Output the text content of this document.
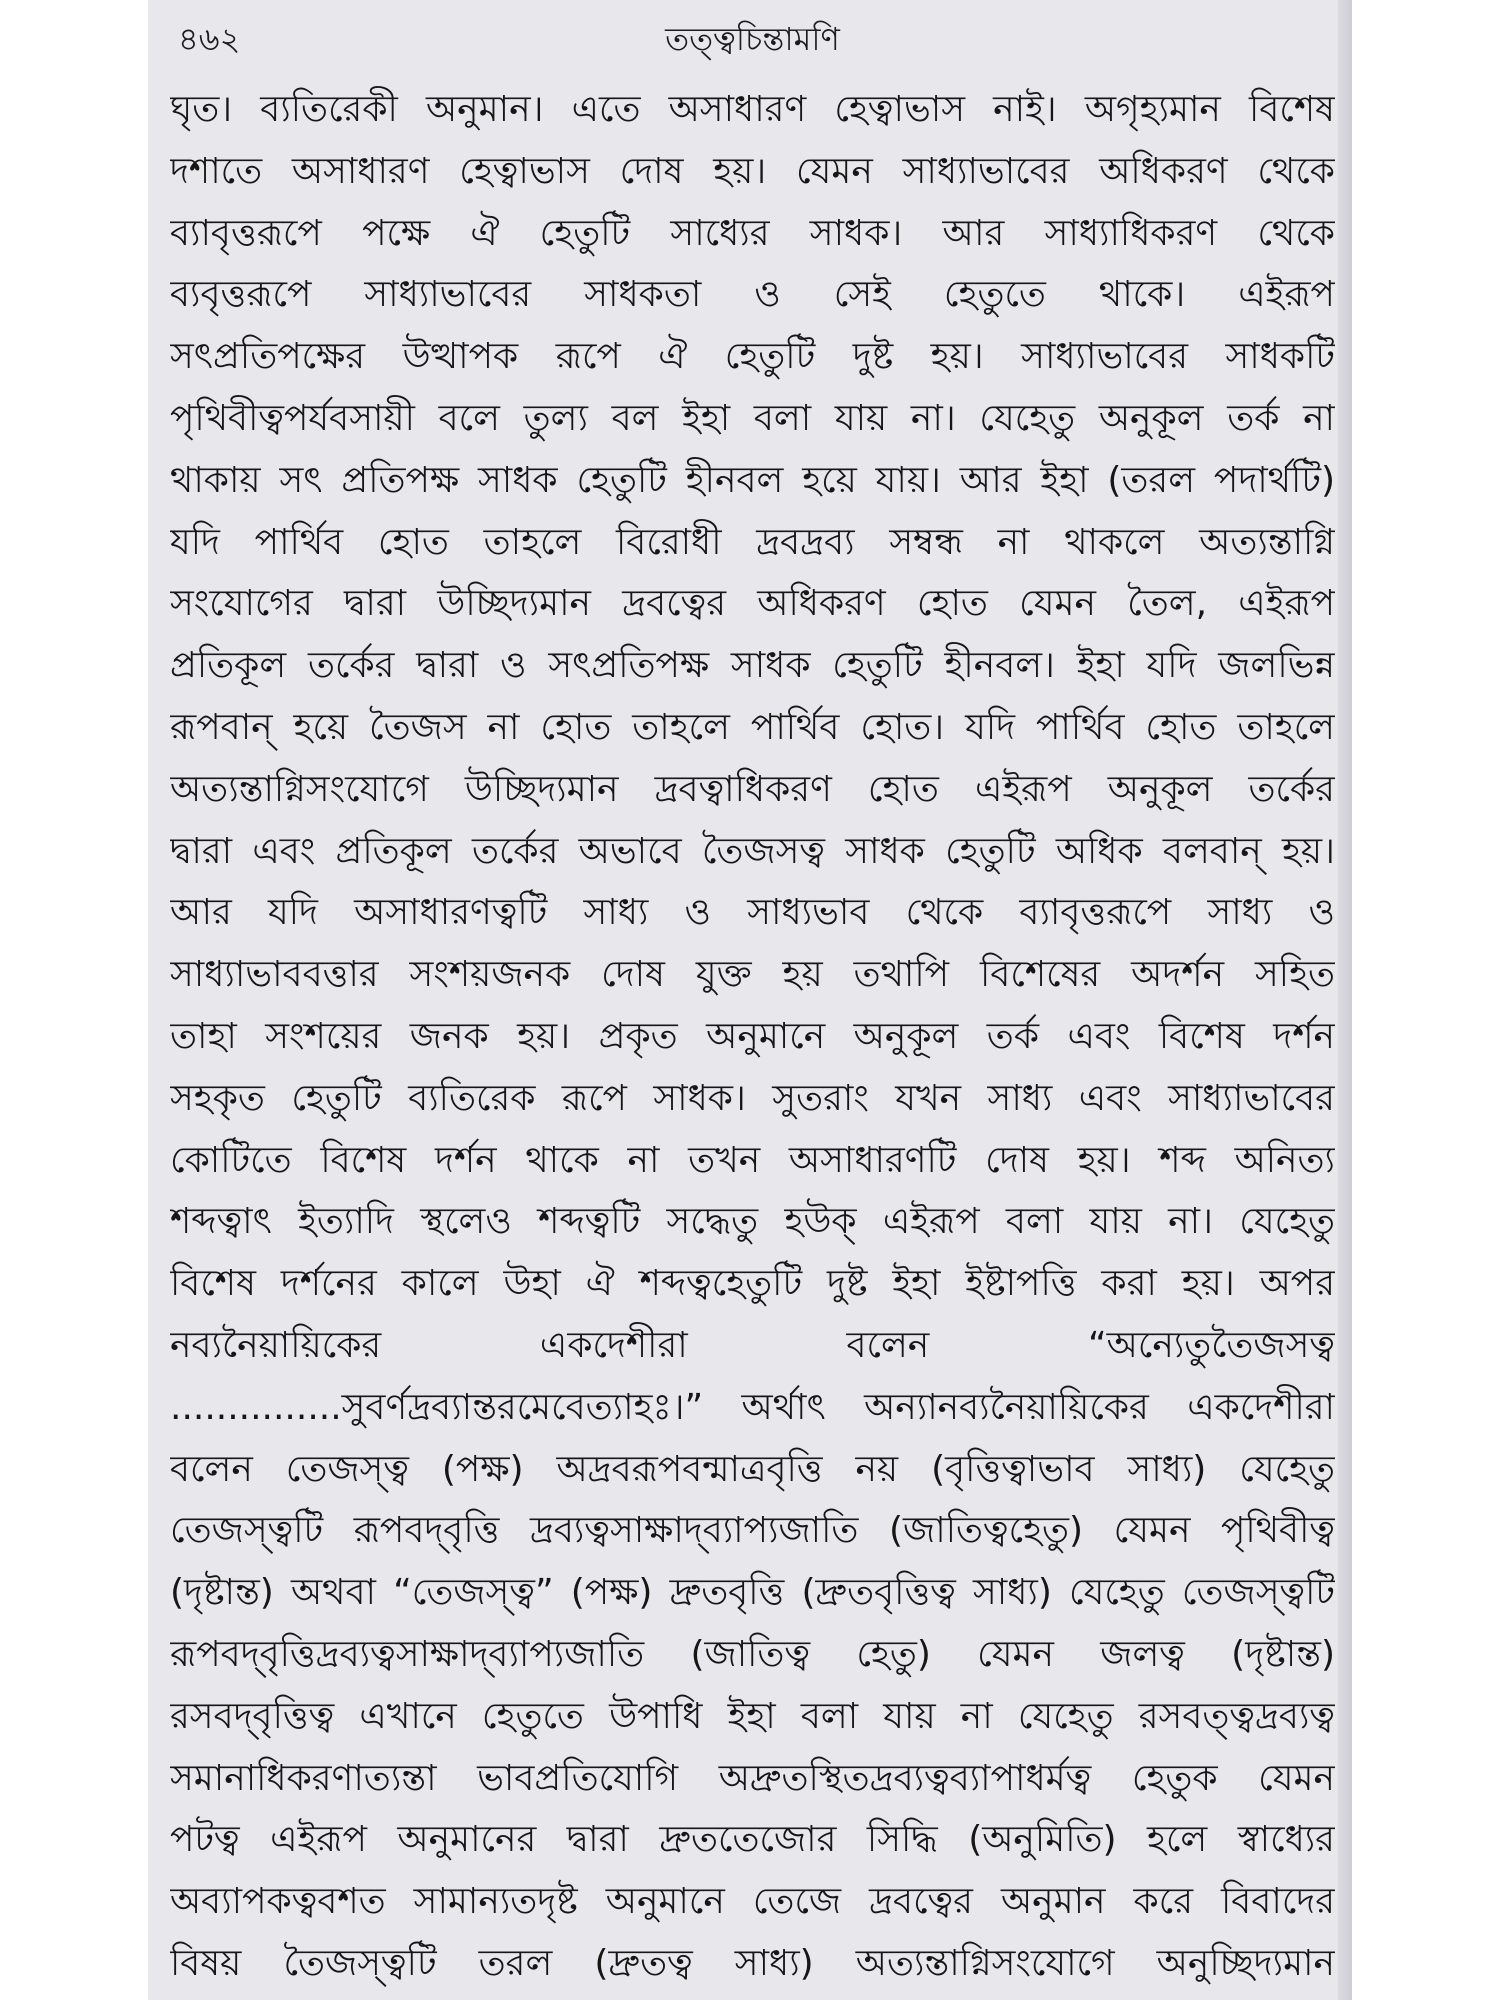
৪৬২	তত্ত্বচিন্তামণি
ঘৃত। ব্যতিরেকী অনুমান। এতে অসাধারণ হেত্বাভাস নাই। অগৃহ্যমান বিশেষ
দশাতে অসাধারণ হেত্বাভাস দোষ হয়। যেমন সাধ্যাভাবের অধিকরণ থেকে
ব্যাবৃত্তরূপে পক্ষে ঐ হেতুটি সাধ্যের সাধক। আর সাধ্যাধিকরণ থেকে
ব্যবৃত্তরূপে সাধ্যাভাবের সাধকতা ও সেই হেতুতে থাকে। এইরূপ
সৎপ্রতিপক্ষের উত্থাপক রূপে ঐ হেতুটি দুষ্ট হয়। সাধ্যাভাবের সাধকটি
পৃথিবীত্বপর্যবসায়ী বলে তুল্য বল ইহা বলা যায় না। যেহেতু অনুকূল তর্ক না
থাকায় সৎ প্রতিপক্ষ সাধক হেতুটি হীনবল হয়ে যায়। আর ইহা (তরল পদার্থটি)
যদি পার্থিব হোত তাহলে বিরোধী দ্রবদ্রব্য সম্বন্ধ না থাকলে অত্যন্তাগ্নি
সংযোগের দ্বারা উচ্ছিদ্যমান দ্রবত্বের অধিকরণ হোত যেমন তৈল, এইরূপ
প্রতিকূল তর্কের দ্বারা ও সৎপ্রতিপক্ষ সাধক হেতুটি হীনবল। ইহা যদি জলভিন্ন
রূপবান্ হয়ে তৈজস না হোত তাহলে পার্থিব হোত। যদি পার্থিব হোত তাহলে
অত্যন্তাগ্নিসংযোগে উচ্ছিদ্যমান দ্রবত্বাধিকরণ হোত এইরূপ অনুকূল তর্কের
দ্বারা এবং প্রতিকূল তর্কের অভাবে তৈজসত্ব সাধক হেতুটি অধিক বলবান্ হয়।
আর যদি অসাধারণত্বটি সাধ্য ও সাধ্যভাব থেকে ব্যাবৃত্তরূপে সাধ্য ও
সাধ্যাভাববত্তার সংশয়জনক দোষ যুক্ত হয় তথাপি বিশেষের অদর্শন সহিত
তাহা সংশয়ের জনক হয়। প্রকৃত অনুমানে অনুকূল তর্ক এবং বিশেষ দর্শন
সহকৃত হেতুটি ব্যতিরেক রূপে সাধক। সুতরাং যখন সাধ্য এবং সাধ্যাভাবের
কোটিতে বিশেষ দর্শন থাকে না তখন অসাধারণটি দোষ হয়। শব্দ অনিত্য
শব্দত্বাৎ ইত্যাদি স্থলেও শব্দত্বটি সদ্ধেতু হউক্ এইরূপ বলা যায় না। যেহেতু
বিশেষ দর্শনের কালে উহা ঐ শব্দত্বহেতুটি দুষ্ট ইহা ইষ্টাপত্তি করা হয়। অপর
নব্যনৈয়ায়িকের একদেশীরা বলেন “অন্যেতুতৈজসত্ব
...............সুবর্ণদ্রব্যান্তরমেবেত্যাহঃ।” অর্থাৎ অন্যানব্যনৈয়ায়িকের একদেশীরা
বলেন তেজস্ত্ব (পক্ষ) অদ্রবরূপবন্মাত্রবৃত্তি নয় (বৃত্তিত্বাভাব সাধ্য) যেহেতু
তেজস্ত্বটি রূপবদ্‌বৃত্তি দ্রব্যত্বসাক্ষাদ্‌ব্যাপ্যজাতি (জাতিত্বহেতু) যেমন পৃথিবীত্ব
(দৃষ্টান্ত) অথবা “তেজস্ত্ব” (পক্ষ) দ্রুতবৃত্তি (দ্রুতবৃত্তিত্ব সাধ্য) যেহেতু তেজস্ত্বটি
রূপবদ্‌বৃত্তিদ্রব্যত্বসাক্ষাদ্‌ব্যাপ্যজাতি (জাতিত্ব হেতু) যেমন জলত্ব (দৃষ্টান্ত)
রসবদ্‌বৃত্তিত্ব এখানে হেতুতে উপাধি ইহা বলা যায় না যেহেতু রসবত্ত্বদ্রব্যত্ব
সমানাধিকরণাত্যন্তা ভাবপ্রতিযোগি অদ্রুতস্থিতদ্রব্যত্বব্যাপাধর্মত্ব হেতুক যেমন
পটত্ব এইরূপ অনুমানের দ্বারা দ্রুততেজোর সিদ্ধি (অনুমিতি) হলে স্বাধ্যের
অব্যাপকত্ববশত সামান্যতদৃষ্ট অনুমানে তেজে দ্রবত্বের অনুমান করে বিবাদের
বিষয় তৈজস্ত্বটি তরল (দ্রুতত্ব সাধ্য) অত্যন্তাগ্নিসংযোগে অনুচ্ছিদ্যমান
